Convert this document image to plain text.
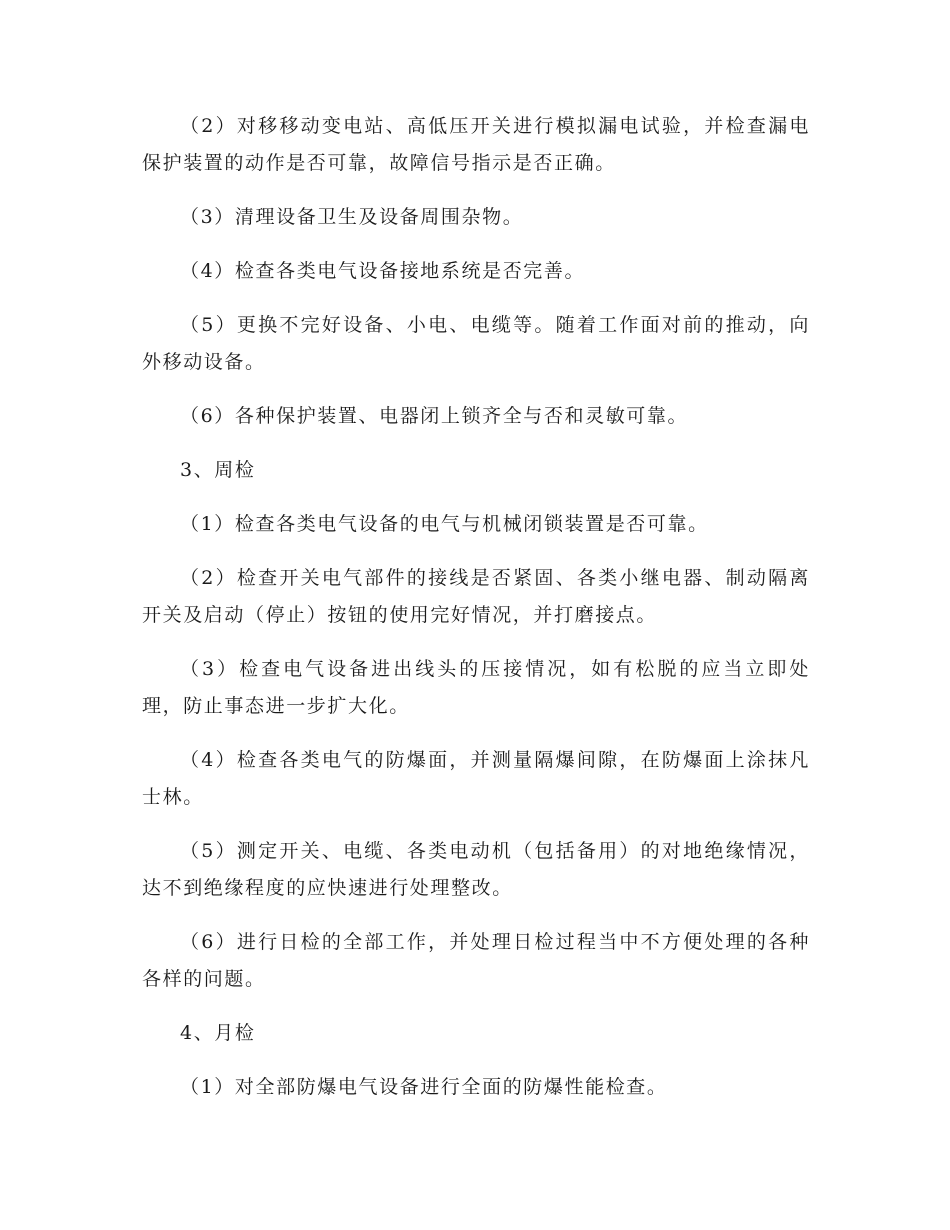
（2）对移移动变电站、高低压开关进行模拟漏电试验，并检查漏电保护装置的动作是否可靠，故障信号指示是否正确。

（3）清理设备卫生及设备周围杂物。

（4）检查各类电气设备接地系统是否完善。

（5）更换不完好设备、小电、电缆等。随着工作面对前的推动，向外移动设备。

（6）各种保护装置、电器闭上锁齐全与否和灵敏可靠。

3、周检

（1）检查各类电气设备的电气与机械闭锁装置是否可靠。

（2）检查开关电气部件的接线是否紧固、各类小继电器、制动隔离开关及启动（停止）按钮的使用完好情况，并打磨接点。

（3）检查电气设备进出线头的压接情况，如有松脱的应当立即处理，防止事态进一步扩大化。

（4）检查各类电气的防爆面，并测量隔爆间隙，在防爆面上涂抹凡士林。

（5）测定开关、电缆、各类电动机（包括备用）的对地绝缘情况，达不到绝缘程度的应快速进行处理整改。

（6）进行日检的全部工作，并处理日检过程当中不方便处理的各种各样的问题。

4、月检

（1）对全部防爆电气设备进行全面的防爆性能检查。
